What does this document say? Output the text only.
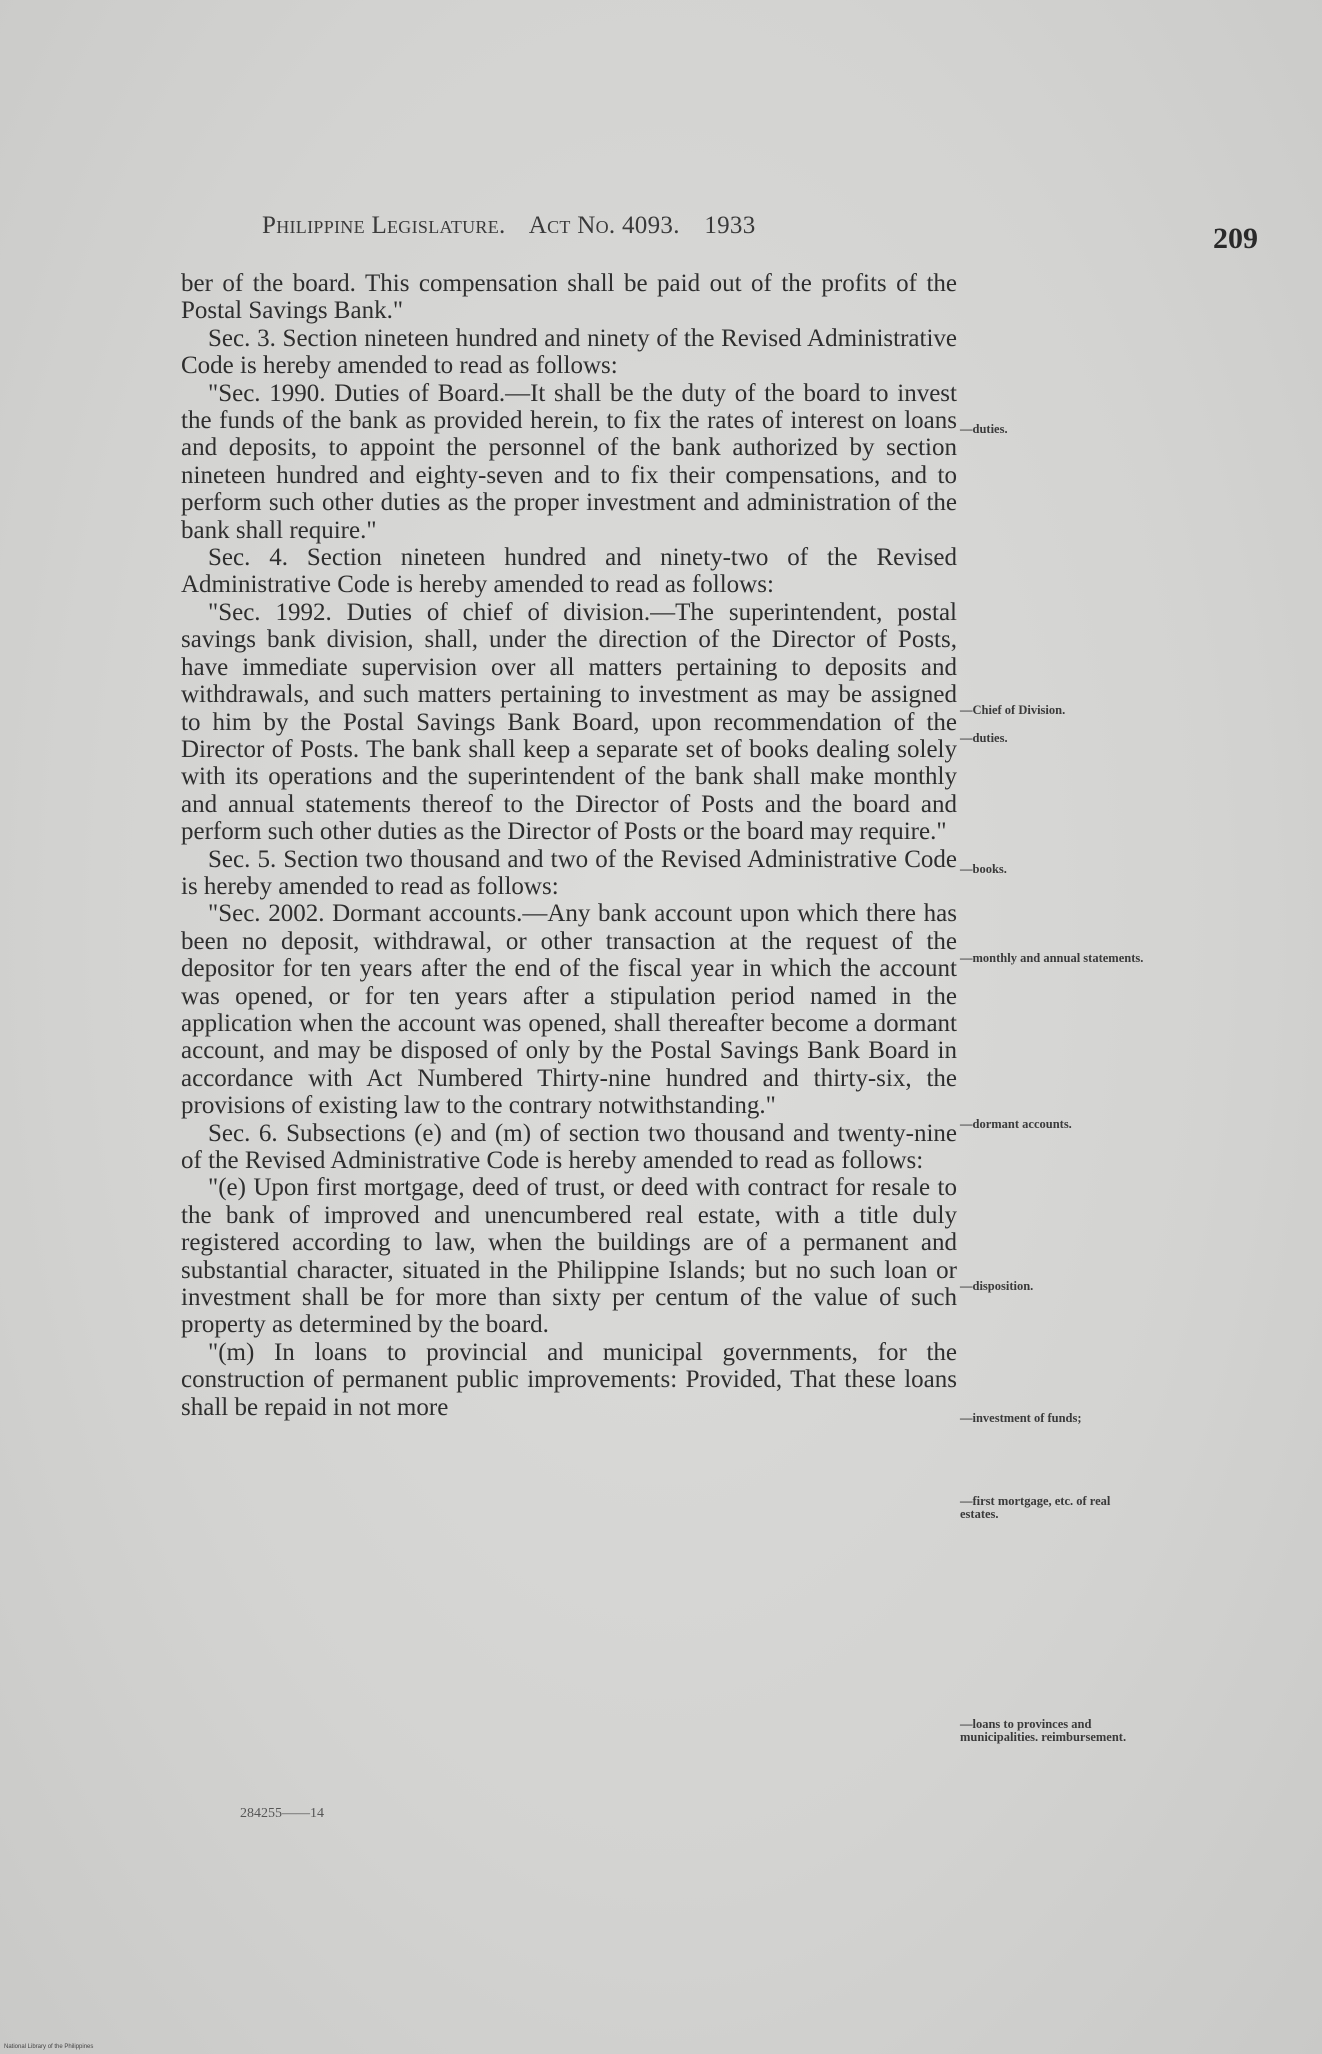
Philippine Legislature. Act No. 4093. 1933	209

ber of the board. This compensation shall be paid out of the profits of the Postal Savings Bank."

Sec. 3. Section nineteen hundred and ninety of the Revised Administrative Code is hereby amended to read as follows:

"Sec. 1990. Duties of Board.—It shall be the duty of the board to invest the funds of the bank as provided herein, to fix the rates of interest on loans and deposits, to appoint the personnel of the bank authorized by section nineteen hundred and eighty-seven and to fix their compensations, and to perform such other duties as the proper investment and administration of the bank shall require."

Sec. 4. Section nineteen hundred and ninety-two of the Revised Administrative Code is hereby amended to read as follows:

"Sec. 1992. Duties of chief of division.—The superintendent, postal savings bank division, shall, under the direction of the Director of Posts, have immediate supervision over all matters pertaining to deposits and withdrawals, and such matters pertaining to investment as may be assigned to him by the Postal Savings Bank Board, upon recommendation of the Director of Posts. The bank shall keep a separate set of books dealing solely with its operations and the superintendent of the bank shall make monthly and annual statements thereof to the Director of Posts and the board and perform such other duties as the Director of Posts or the board may require."

Sec. 5. Section two thousand and two of the Revised Administrative Code is hereby amended to read as follows:

"Sec. 2002. Dormant accounts.—Any bank account upon which there has been no deposit, withdrawal, or other transaction at the request of the depositor for ten years after the end of the fiscal year in which the account was opened, or for ten years after a stipulation period named in the application when the account was opened, shall thereafter become a dormant account, and may be disposed of only by the Postal Savings Bank Board in accordance with Act Numbered Thirty-nine hundred and thirty-six, the provisions of existing law to the contrary notwithstanding."

Sec. 6. Subsections (e) and (m) of section two thousand and twenty-nine of the Revised Administrative Code is hereby amended to read as follows:

"(e) Upon first mortgage, deed of trust, or deed with contract for resale to the bank of improved and unencumbered real estate, with a title duly registered according to law, when the buildings are of a permanent and substantial character, situated in the Philippine Islands; but no such loan or investment shall be for more than sixty per centum of the value of such property as determined by the board.

"(m) In loans to provincial and municipal governments, for the construction of permanent public improvements: Provided, That these loans shall be repaid in not more

—duties.
—Chief of Division.
—duties.
—books.
—monthly and annual statements.
—dormant accounts.
—disposition.
—investment of funds;
—first mortgage, etc. of real estates.
—loans to provinces and municipalities. reimbursement.
284255——14
National Library of the Philippines
